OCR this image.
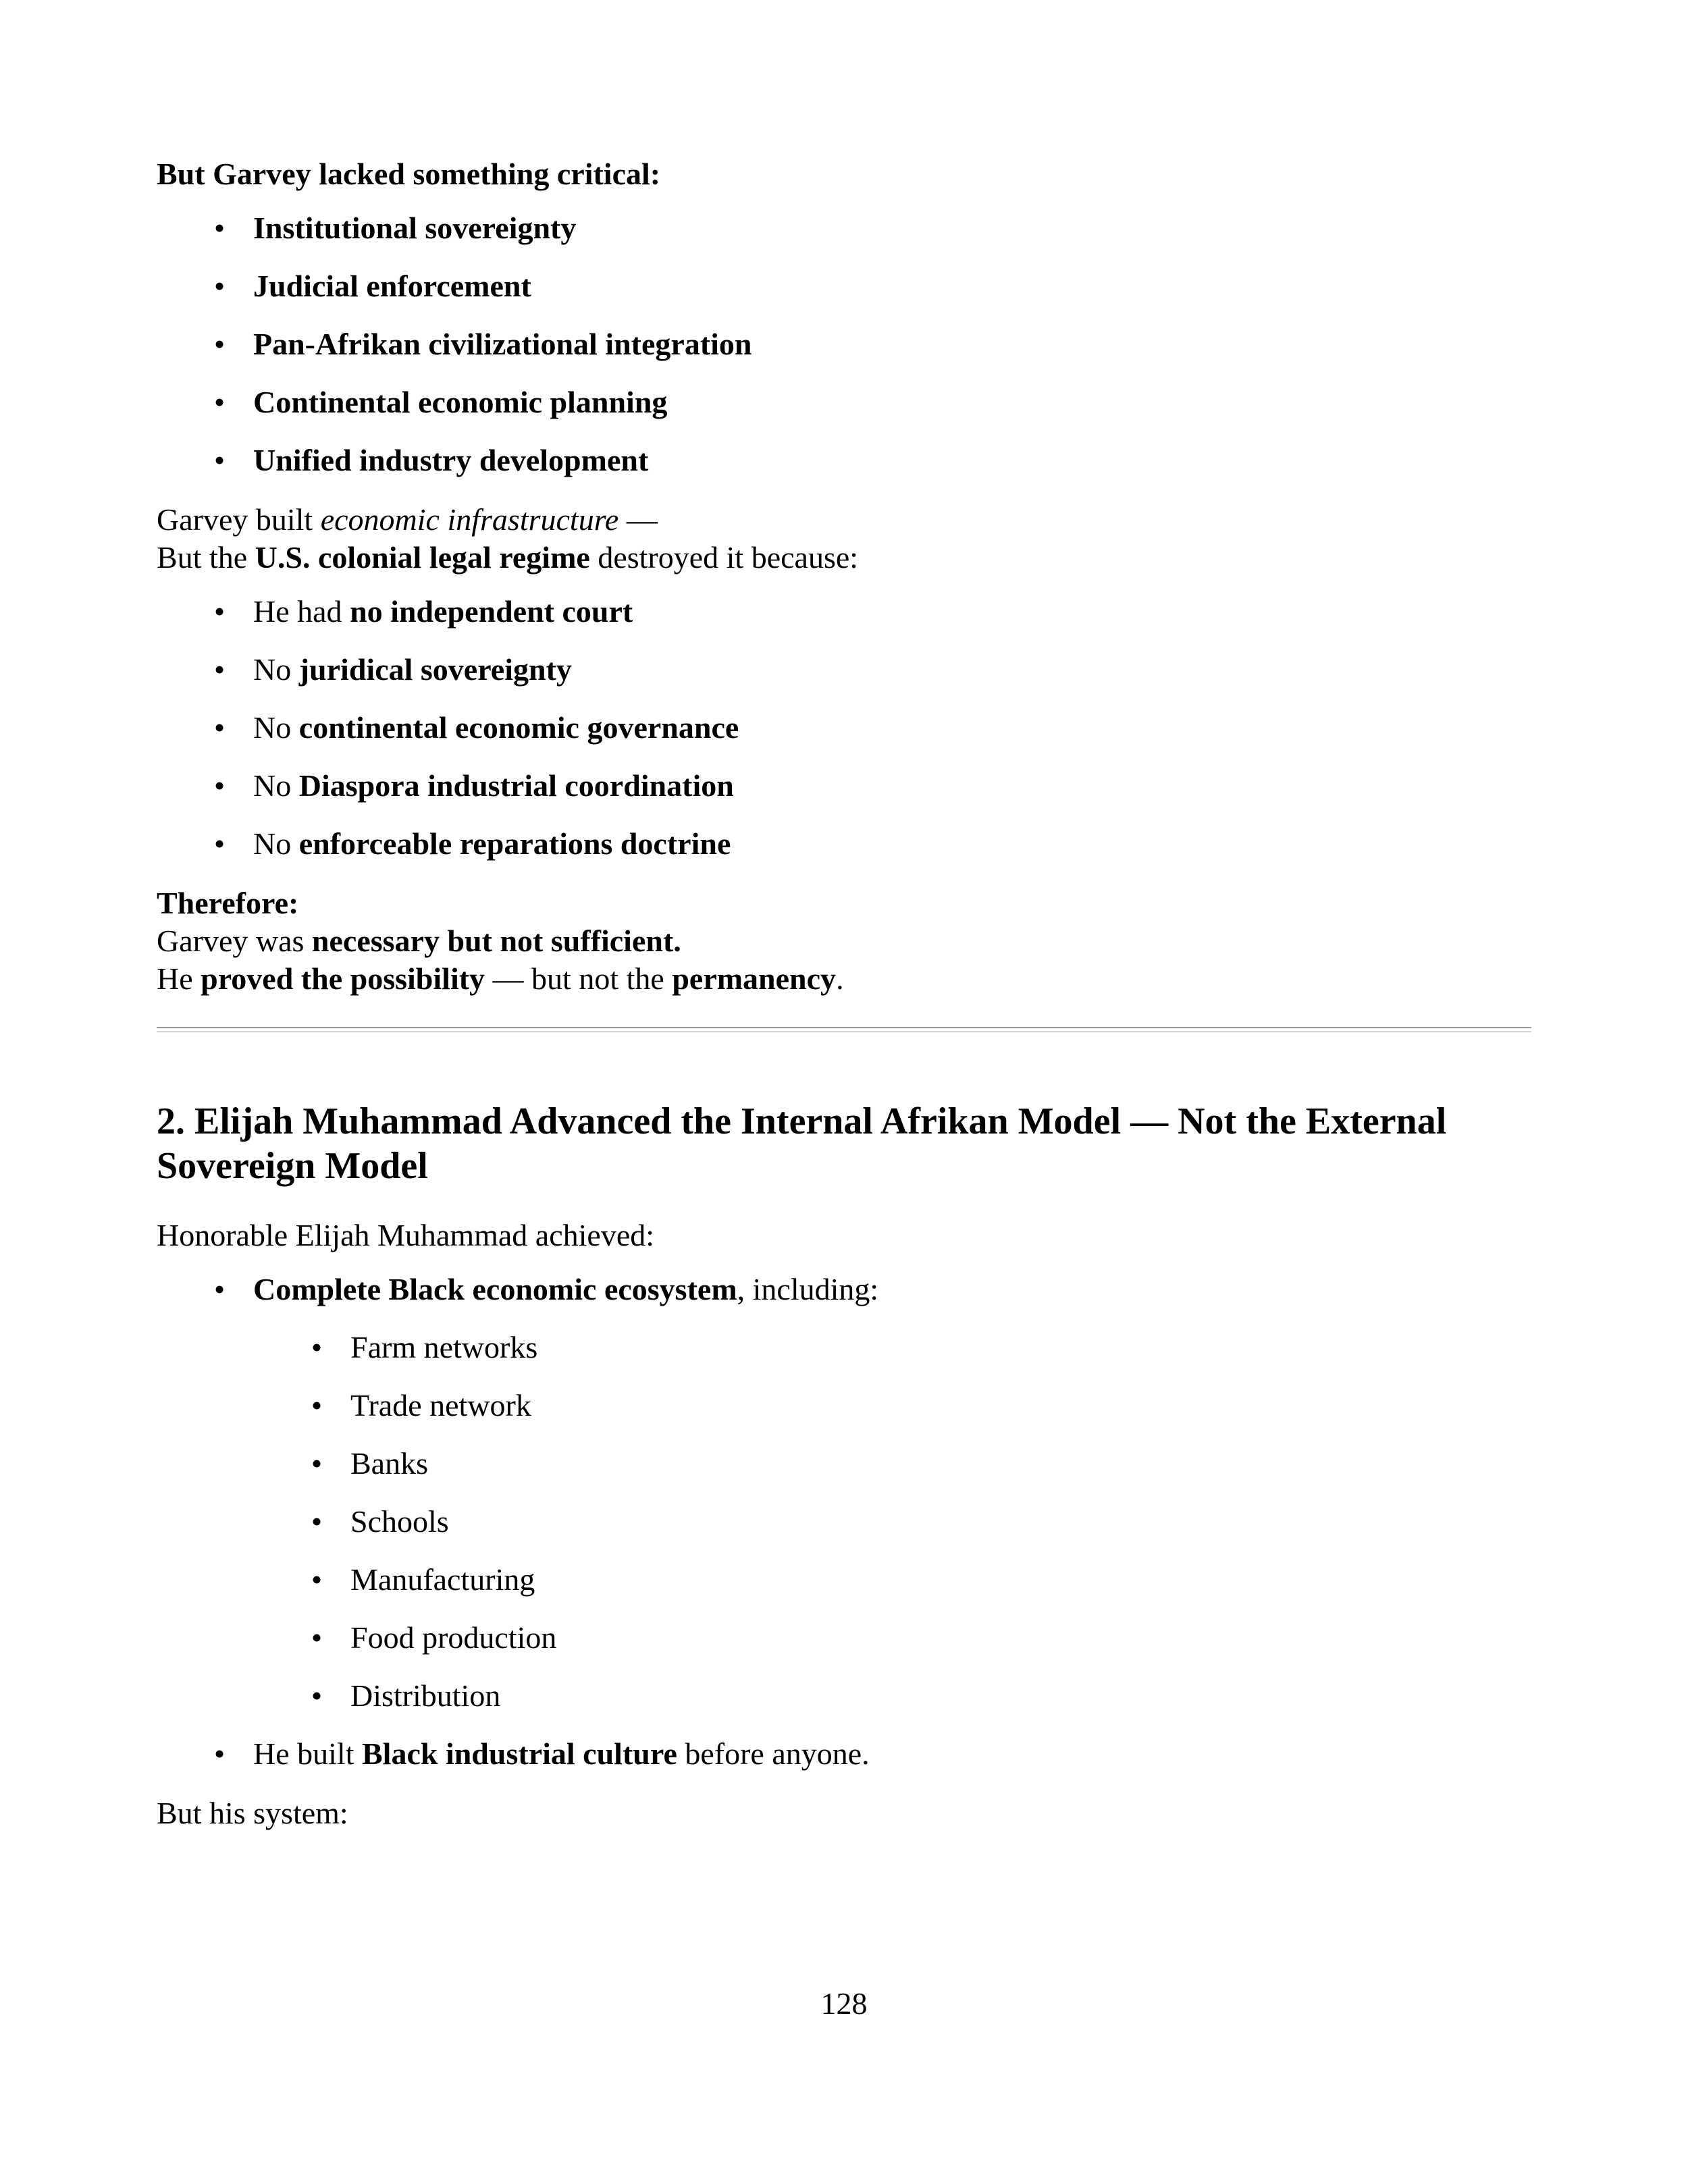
But Garvey lacked something critical:
• Institutional sovereignty
• Judicial enforcement
• Pan-Afrikan civilizational integration
• Continental economic planning
• Unified industry development
Garvey built economic infrastructure —
But the U.S. colonial legal regime destroyed it because:
• He had no independent court
• No juridical sovereignty
• No continental economic governance
• No Diaspora industrial coordination
• No enforceable reparations doctrine
Therefore:
Garvey was necessary but not sufficient.
He proved the possibility — but not the permanency.
2. Elijah Muhammad Advanced the Internal Afrikan Model — Not the External Sovereign Model
Honorable Elijah Muhammad achieved:
• Complete Black economic ecosystem, including:
• Farm networks
• Trade network
• Banks
• Schools
• Manufacturing
• Food production
• Distribution
• He built Black industrial culture before anyone.
But his system:
128
